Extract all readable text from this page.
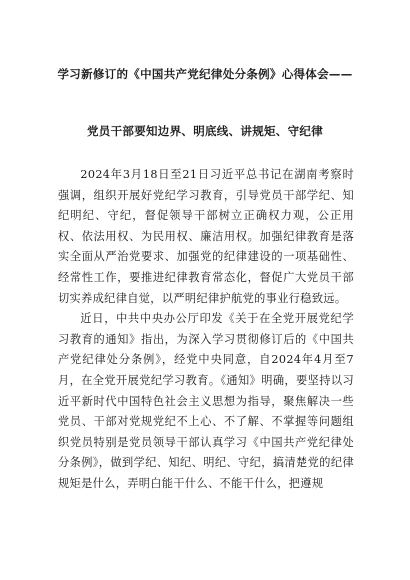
学习新修订的《中国共产党纪律处分条例》心得体会——
党员干部要知边界、明底线、讲规矩、守纪律

2024年3月18日至21日习近平总书记在湖南考察时强调，组织开展好党纪学习教育，引导党员干部学纪、知纪明纪、守纪，督促领导干部树立正确权力观，公正用权、依法用权、为民用权、廉洁用权。加强纪律教育是落实全面从严治党要求、加强党的纪律建设的一项基础性、经常性工作，要推进纪律教育常态化，督促广大党员干部切实养成纪律自觉，以严明纪律护航党的事业行稳致远。

近日，中共中央办公厅印发《关于在全党开展党纪学习教育的通知》指出，为深入学习贯彻修订后的《中国共产党纪律处分条例》，经党中央同意，自2024年4月至7月，在全党开展党纪学习教育。《通知》明确，要坚持以习近平新时代中国特色社会主义思想为指导，聚焦解决一些党员、干部对党规党纪不上心、不了解、不掌握等问题组织党员特别是党员领导干部认真学习《中国共产党纪律处分条例》，做到学纪、知纪、明纪、守纪，搞清楚党的纪律规矩是什么，弄明白能干什么、不能干什么，把遵规
